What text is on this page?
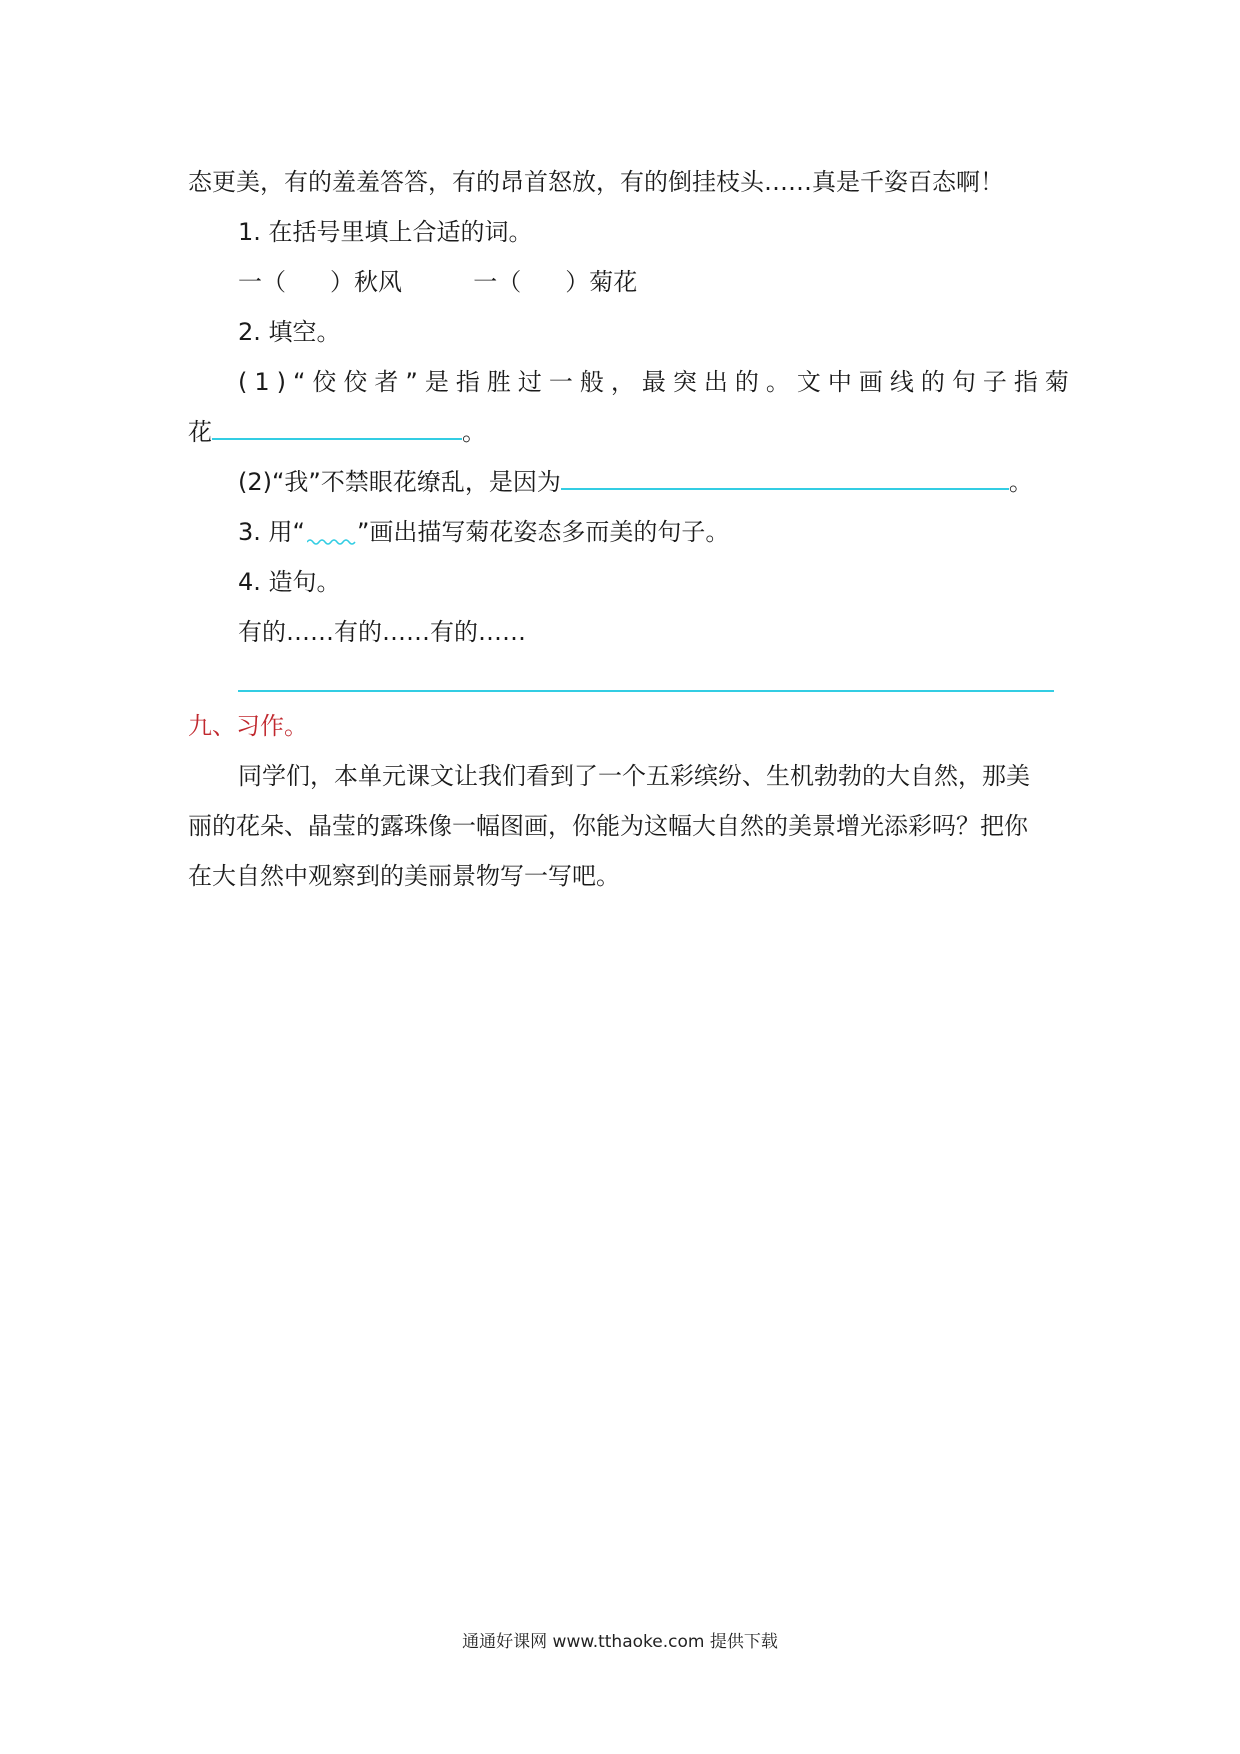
态更美，有的羞羞答答，有的昂首怒放，有的倒挂枝头……真是千姿百态啊！
1. 在括号里填上合适的词。
一（ ）秋风	一（ ）菊花
2. 填空。
(1)“佼佼者”是指胜过一般，最突出的。文中画线的句子指菊
花	。
(2)“我”不禁眼花缭乱，是因为	。
3. 用“ ”画出描写菊花姿态多而美的句子。
4. 造句。
有的……有的……有的……
九、习作。
同学们，本单元课文让我们看到了一个五彩缤纷、生机勃勃的大自然，那美
丽的花朵、晶莹的露珠像一幅图画，你能为这幅大自然的美景增光添彩吗？把你
在大自然中观察到的美丽景物写一写吧。
通通好课网 www.tthaoke.com 提供下载
